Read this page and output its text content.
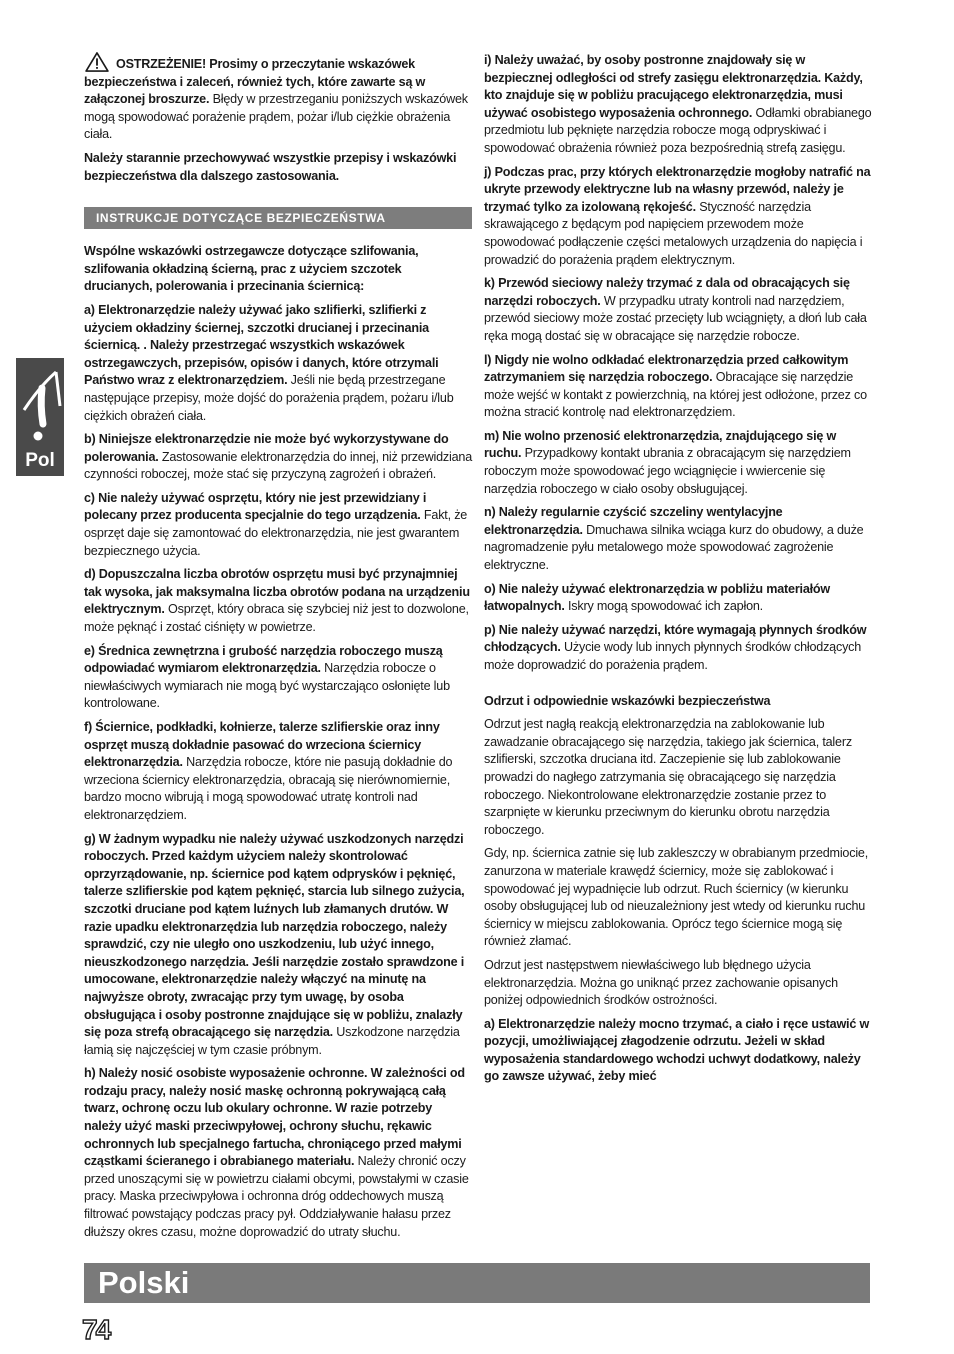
Pol

OSTRZEŻENIE! Prosimy o przeczytanie wskazówek bezpieczeństwa i zaleceń, również tych, które zawarte są w załączonej broszurze. Błędy w przestrzeganiu poniższych wskazówek mogą spowodować porażenie prądem, pożar i/lub ciężkie obrażenia ciała.

Należy starannie przechowywać wszystkie przepisy i wskazówki bezpieczeństwa dla dalszego zastosowania.

INSTRUKCJE DOTYCZĄCE BEZPIECZEŃSTWA

Wspólne wskazówki ostrzegawcze dotyczące szlifowania, szlifowania okładziną ścierną, prac z użyciem szczotek drucianych, polerowania i przecinania ściernicą:

a) Elektronarzędzie należy używać jako szlifierki, szlifierki z użyciem okładziny ściernej, szczotki drucianej i przecinania ściernicą. . Należy przestrzegać wszystkich wskazówek ostrzegawczych, przepisów, opisów i danych, które otrzymali Państwo wraz z elektronarzędziem. Jeśli nie będą przestrzegane następujące przepisy, może dojść do porażenia prądem, pożaru i/lub ciężkich obrażeń ciała.

b) Niniejsze elektronarzędzie nie może być wykorzystywane do polerowania. Zastosowanie elektronarzędzia do innej, niż przewidziana czynności roboczej, może stać się przyczyną zagrożeń i obrażeń.

c) Nie należy używać osprzętu, który nie jest przewidziany i polecany przez producenta specjalnie do tego urządzenia. Fakt, że osprzęt daje się zamontować do elektronarzędzia, nie jest gwarantem bezpiecznego użycia.

d) Dopuszczalna liczba obrotów osprzętu musi być przynajmniej tak wysoka, jak maksymalna liczba obrotów podana na urządzeniu elektrycznym. Osprzęt, który obraca się szybciej niż jest to dozwolone, może pęknąć i zostać ciśnięty w powietrze.

e) Średnica zewnętrzna i grubość narzędzia roboczego muszą odpowiadać wymiarom elektronarzędzia. Narzędzia robocze o niewłaściwych wymiarach nie mogą być wystarczająco osłonięte lub kontrolowane.

f) Ściernice, podkładki, kołnierze, talerze szlifierskie oraz inny osprzęt muszą dokładnie pasować do wrzeciona ściernicy elektronarzędzia. Narzędzia robocze, które nie pasują dokładnie do wrzeciona ściernicy elektronarzędzia, obracają się nierównomiernie, bardzo mocno wibrują i mogą spowodować utratę kontroli nad elektronarzędziem.

g) W żadnym wypadku nie należy używać uszkodzonych narzędzi roboczych. Przed każdym użyciem należy skontrolować oprzyrządowanie, np. ściernice pod kątem odprysków i pęknięć, talerze szlifierskie pod kątem pęknięć, starcia lub silnego zużycia, szczotki druciane pod kątem luźnych lub złamanych drutów. W razie upadku elektronarzędzia lub narzędzia roboczego, należy sprawdzić, czy nie uległo ono uszkodzeniu, lub użyć innego, nieuszkodzonego narzędzia. Jeśli narzędzie zostało sprawdzone i umocowane, elektronarzędzie należy włączyć na minutę na najwyższe obroty, zwracając przy tym uwagę, by osoba obsługująca i osoby postronne znajdujące się w pobliżu, znalazły się poza strefą obracającego się narzędzia. Uszkodzone narzędzia łamią się najczęściej w tym czasie próbnym.

h) Należy nosić osobiste wyposażenie ochronne. W zależności od rodzaju pracy, należy nosić maskę ochronną pokrywającą całą twarz, ochronę oczu lub okulary ochronne. W razie potrzeby należy użyć maski przeciwpyłowej, ochrony słuchu, rękawic ochronnych lub specjalnego fartucha, chroniącego przed małymi cząstkami ścieranego i obrabianego materiału. Należy chronić oczy przed unoszącymi się w powietrzu ciałami obcymi, powstałymi w czasie pracy. Maska przeciwpyłowa i ochronna dróg oddechowych muszą filtrować powstający podczas pracy pył. Oddziaływanie hałasu przez dłuższy okres czasu, możne doprowadzić do utraty słuchu.

i) Należy uważać, by osoby postronne znajdowały się w bezpiecznej odległości od strefy zasięgu elektronarzędzia. Każdy, kto znajduje się w pobliżu pracującego elektronarzędzia, musi używać osobistego wyposażenia ochronnego. Odłamki obrabianego przedmiotu lub pęknięte narzędzia robocze mogą odpryskiwać i spowodować obrażenia również poza bezpośrednią strefą zasięgu.

j) Podczas prac, przy których elektronarzędzie mogłoby natrafić na ukryte przewody elektryczne lub na własny przewód, należy je trzymać tylko za izolowaną rękojeść. Styczność narzędzia skrawającego z będącym pod napięciem przewodem może spowodować podłączenie części metalowych urządzenia do napięcia i prowadzić do porażenia prądem elektrycznym.

k) Przewód sieciowy należy trzymać z dala od obracających się narzędzi roboczych. W przypadku utraty kontroli nad narzędziem, przewód sieciowy może zostać przecięty lub wciągnięty, a dłoń lub cała ręka mogą dostać się w obracające się narzędzie robocze.

l) Nigdy nie wolno odkładać elektronarzędzia przed całkowitym zatrzymaniem się narzędzia roboczego. Obracające się narzędzie może wejść w kontakt z powierzchnią, na której jest odłożone, przez co można stracić kontrolę nad elektronarzędziem.

m) Nie wolno przenosić elektronarzędzia, znajdującego się w ruchu. Przypadkowy kontakt ubrania z obracającym się narzędziem roboczym może spowodować jego wciągnięcie i wwiercenie się narzędzia roboczego w ciało osoby obsługującej.

n) Należy regularnie czyścić szczeliny wentylacyjne elektronarzędzia. Dmuchawa silnika wciąga kurz do obudowy, a duże nagromadzenie pyłu metalowego może spowodować zagrożenie elektryczne.

o) Nie należy używać elektronarzędzia w pobliżu materiałów łatwopalnych. Iskry mogą spowodować ich zapłon.

p) Nie należy używać narzędzi, które wymagają płynnych środków chłodzących. Użycie wody lub innych płynnych środków chłodzących może doprowadzić do porażenia prądem.

Odrzut i odpowiednie wskazówki bezpieczeństwa

Odrzut jest nagłą reakcją elektronarzędzia na zablokowanie lub zawadzanie obracającego się narzędzia, takiego jak ściernica, talerz szlifierski, szczotka druciana itd. Zaczepienie się lub zablokowanie prowadzi do nagłego zatrzymania się obracającego się narzędzia roboczego. Niekontrolowane elektronarzędzie zostanie przez to szarpnięte w kierunku przeciwnym do kierunku obrotu narzędzia roboczego.

Gdy, np. ściernica zatnie się lub zakleszczy w obrabianym przedmiocie, zanurzona w materiale krawędź ściernicy, może się zablokować i spowodować jej wypadnięcie lub odrzut. Ruch ściernicy (w kierunku osoby obsługującej lub od nieuzależniony jest wtedy od kierunku ruchu ściernicy w miejscu zablokowania. Oprócz tego ściernice mogą się również złamać.

Odrzut jest następstwem niewłaściwego lub błędnego użycia elektronarzędzia. Można go uniknąć przez zachowanie opisanych poniżej odpowiednich środków ostrożności.

a) Elektronarzędzie należy mocno trzymać, a ciało i ręce ustawić w pozycji, umożliwiającej złagodzenie odrzutu. Jeżeli w skład wyposażenia standardowego wchodzi uchwyt dodatkowy, należy go zawsze używać, żeby mieć

Polski
74
